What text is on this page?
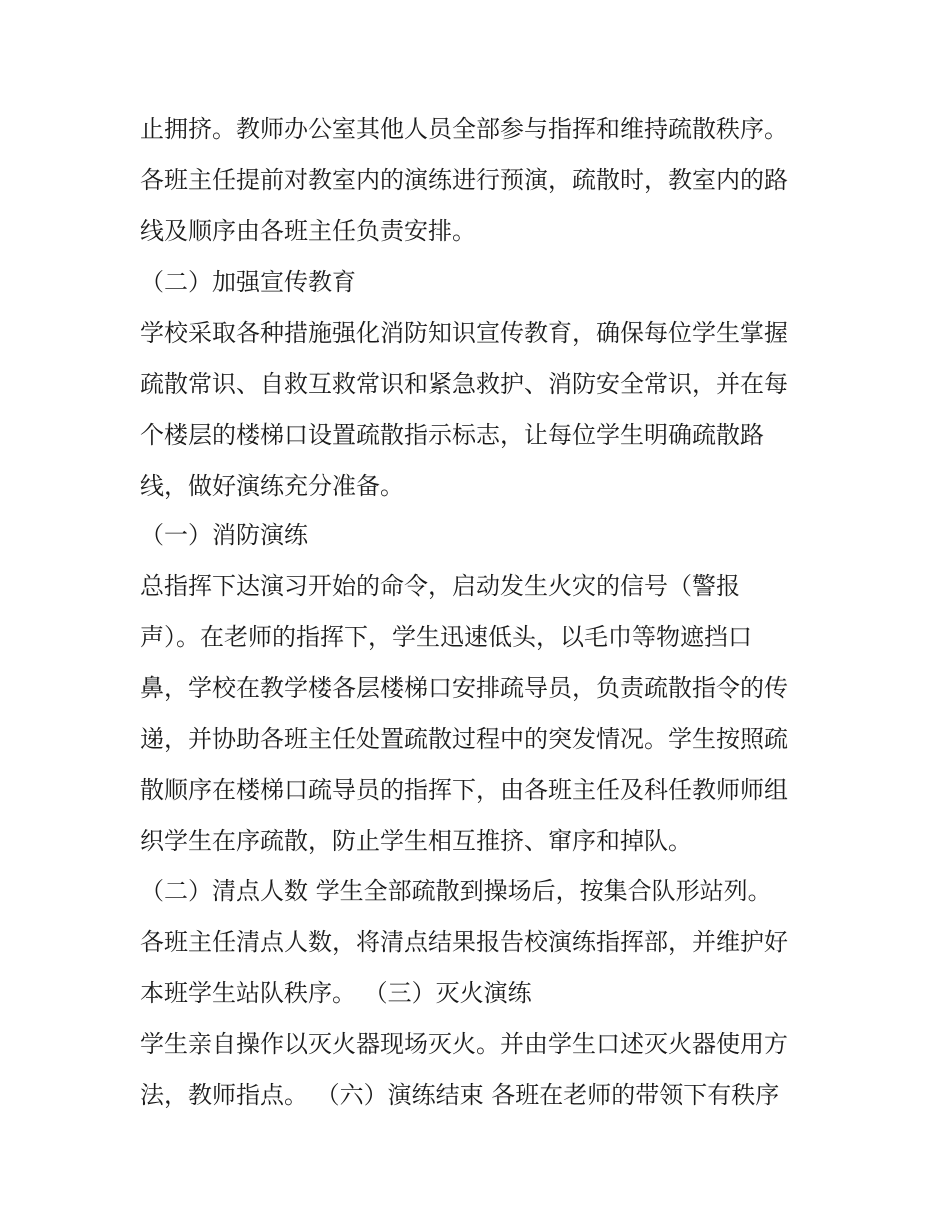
止拥挤。教师办公室其他人员全部参与指挥和维持疏散秩序。
各班主任提前对教室内的演练进行预演，疏散时，教室内的路
线及顺序由各班主任负责安排。
（二）加强宣传教育
学校采取各种措施强化消防知识宣传教育，确保每位学生掌握
疏散常识、自救互救常识和紧急救护、消防安全常识，并在每
个楼层的楼梯口设置疏散指示标志，让每位学生明确疏散路
线，做好演练充分准备。
（一）消防演练
总指挥下达演习开始的命令，启动发生火灾的信号（警报
声）。在老师的指挥下，学生迅速低头，以毛巾等物遮挡口
鼻，学校在教学楼各层楼梯口安排疏导员，负责疏散指令的传
递，并协助各班主任处置疏散过程中的突发情况。学生按照疏
散顺序在楼梯口疏导员的指挥下，由各班主任及科任教师师组
织学生在序疏散，防止学生相互推挤、窜序和掉队。
（二）清点人数 学生全部疏散到操场后，按集合队形站列。
各班主任清点人数，将清点结果报告校演练指挥部，并维护好
本班学生站队秩序。 （三）灭火演练
学生亲自操作以灭火器现场灭火。并由学生口述灭火器使用方
法，教师指点。 （六）演练结束 各班在老师的带领下有秩序
